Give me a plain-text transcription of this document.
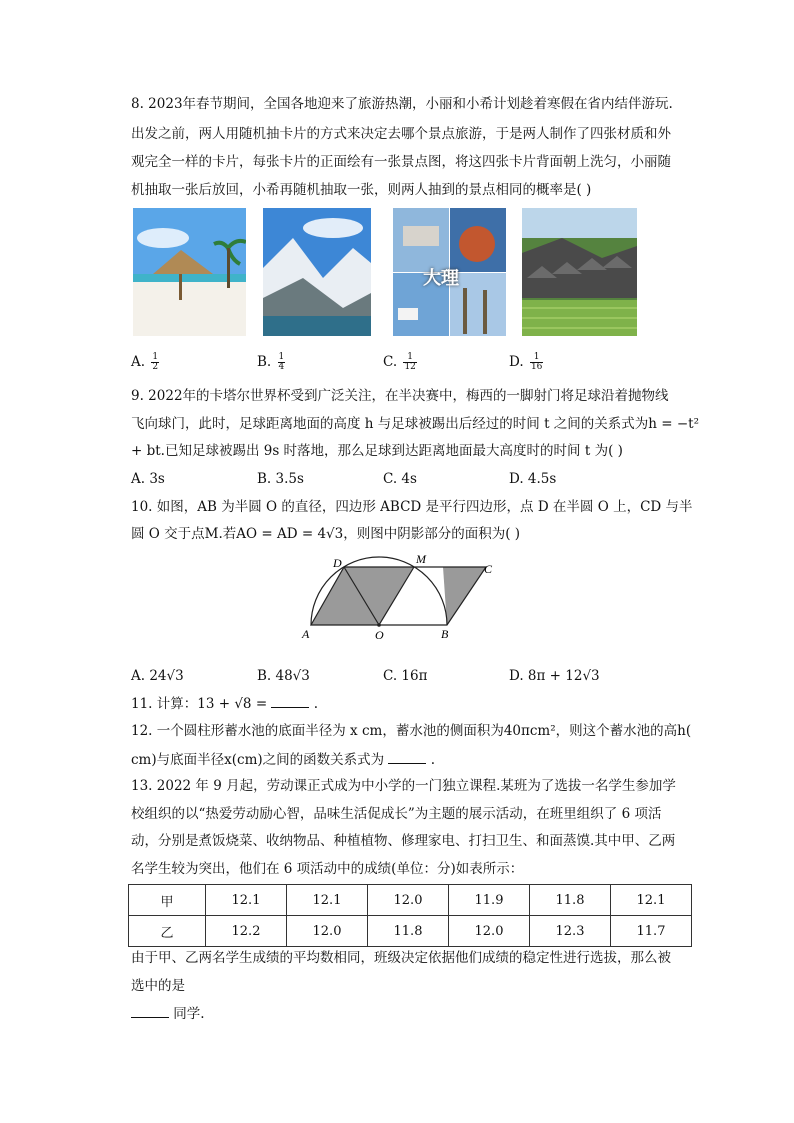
8. 2023年春节期间，全国各地迎来了旅游热潮，小丽和小希计划趁着寒假在省内结伴游玩.
出发之前，两人用随机抽卡片的方式来决定去哪个景点旅游，于是两人制作了四张材质和外
观完全一样的卡片，每张卡片的正面绘有一张景点图，将这四张卡片背面朝上洗匀，小丽随
机抽取一张后放回，小希再随机抽取一张，则两人抽到的景点相同的概率是( )
大理
A. $\frac{1}{2}$	B. $\frac{1}{4}$	C. $\frac{1}{12}$	D. $\frac{1}{16}$
9. 2022年的卡塔尔世界杯受到广泛关注，在半决赛中，梅西的一脚射门将足球沿着抛物线
飞向球门，此时，足球距离地面的高度 h 与足球被踢出后经过的时间 t 之间的关系式为h = −t²
+ bt.已知足球被踢出 9s 时落地，那么足球到达距离地面最大高度时的时间 t 为( )
A. 3s	B. 3.5s	C. 4s	D. 4.5s
10. 如图，AB 为半圆 O 的直径，四边形 ABCD 是平行四边形，点 D 在半圆 O 上，CD 与半
圆 O 交于点M.若AO = AD = 4√3，则图中阴影部分的面积为( )
A	O	B
C
D	M
A. 24√3	B. 48√3	C. 16π	D. 8π + 12√3
11. 计算：13 + √8 =	.
12. 一个圆柱形蓄水池的底面半径为 x cm，蓄水池的侧面积为40πcm²，则这个蓄水池的高h(
cm)与底面半径x(cm)之间的函数关系式为	.
13. 2022 年 9 月起，劳动课正式成为中小学的一门独立课程.某班为了选拔一名学生参加学
校组织的以“热爱劳动励心智，品味生活促成长”为主题的展示活动，在班里组织了 6 项活
动，分别是煮饭烧菜、收纳物品、种植植物、修理家电、打扫卫生、和面蒸馍.其中甲、乙两
名学生较为突出，他们在 6 项活动中的成绩(单位：分)如表所示：
甲	12.1	12.1	12.0	11.9	11.8	12.1
乙	12.2	12.0	11.8	12.0	12.3	11.7
由于甲、乙两名学生成绩的平均数相同，班级决定依据他们成绩的稳定性进行选拔，那么被
选中的是
同学.
